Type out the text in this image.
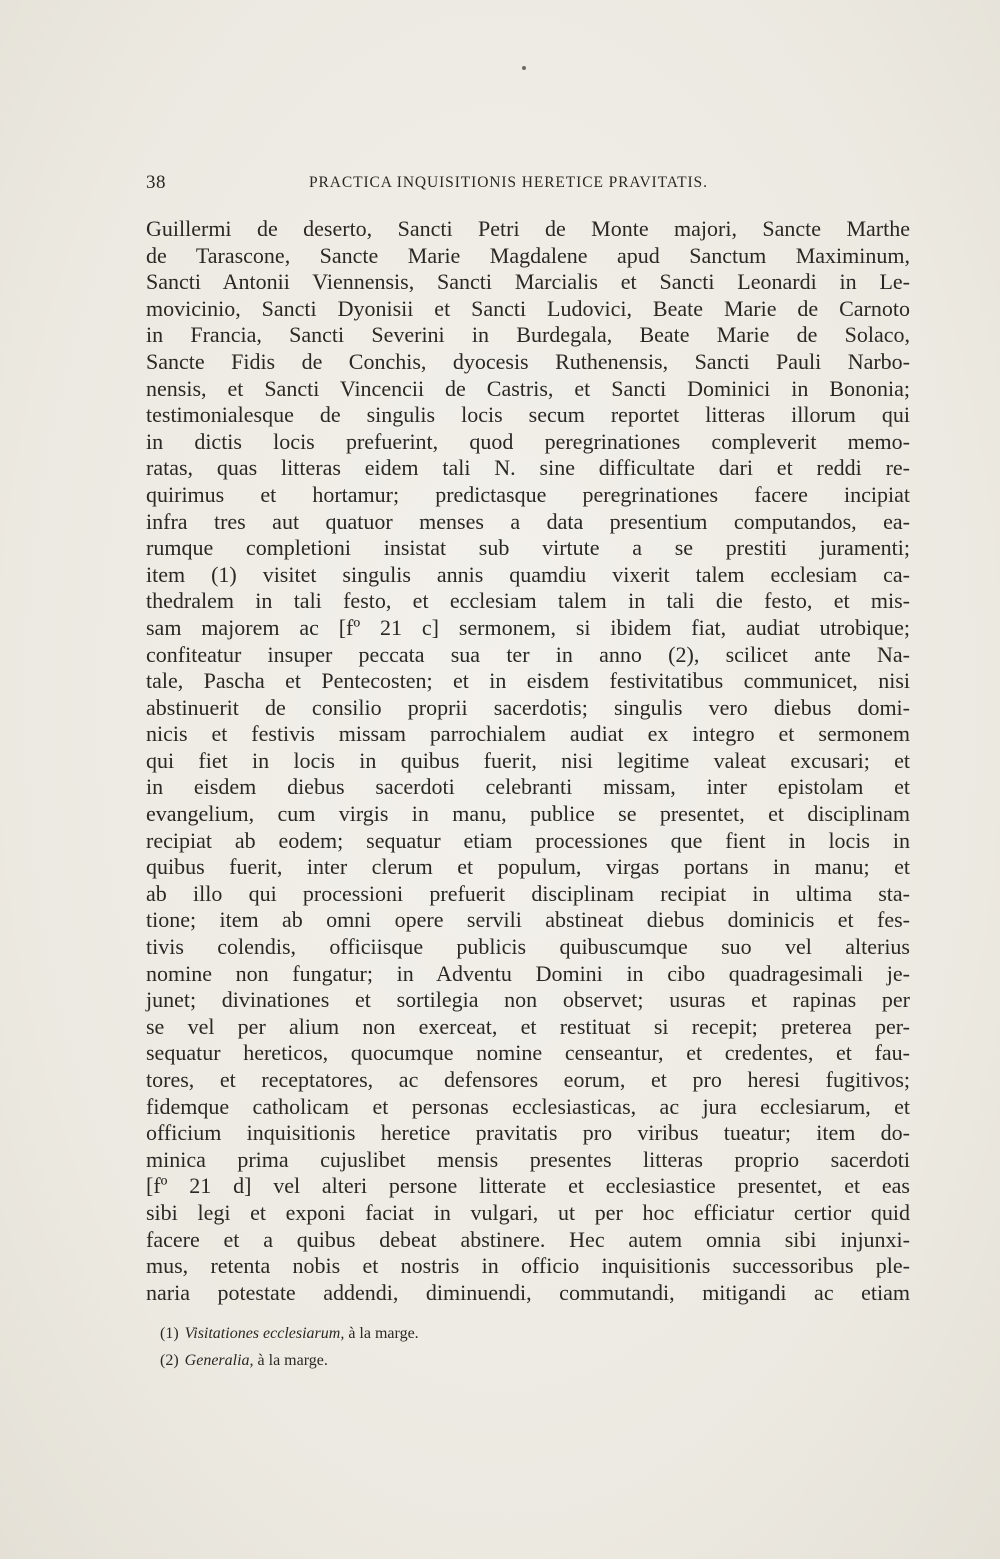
38	PRACTICA INQUISITIONIS HERETICE PRAVITATIS.
Guillermi de deserto, Sancti Petri de Monte majori, Sancte Marthe
de Tarascone, Sancte Marie Magdalene apud Sanctum Maximinum,
Sancti Antonii Viennensis, Sancti Marcialis et Sancti Leonardi in Le-
movicinio, Sancti Dyonisii et Sancti Ludovici, Beate Marie de Carnoto
in Francia, Sancti Severini in Burdegala, Beate Marie de Solaco,
Sancte Fidis de Conchis, dyocesis Ruthenensis, Sancti Pauli Narbo-
nensis, et Sancti Vincencii de Castris, et Sancti Dominici in Bononia;
testimonialesque de singulis locis secum reportet litteras illorum qui
in dictis locis prefuerint, quod peregrinationes compleverit memo-
ratas, quas litteras eidem tali N. sine difficultate dari et reddi re-
quirimus et hortamur; predictasque peregrinationes facere incipiat
infra tres aut quatuor menses a data presentium computandos, ea-
rumque completioni insistat sub virtute a se prestiti juramenti;
item (1) visitet singulis annis quamdiu vixerit talem ecclesiam ca-
thedralem in tali festo, et ecclesiam talem in tali die festo, et mis-
sam majorem ac [fº 21 c] sermonem, si ibidem fiat, audiat utrobique;
confiteatur insuper peccata sua ter in anno (2), scilicet ante Na-
tale, Pascha et Pentecosten; et in eisdem festivitatibus communicet, nisi
abstinuerit de consilio proprii sacerdotis; singulis vero diebus domi-
nicis et festivis missam parrochialem audiat ex integro et sermonem
qui fiet in locis in quibus fuerit, nisi legitime valeat excusari; et
in eisdem diebus sacerdoti celebranti missam, inter epistolam et
evangelium, cum virgis in manu, publice se presentet, et disciplinam
recipiat ab eodem; sequatur etiam processiones que fient in locis in
quibus fuerit, inter clerum et populum, virgas portans in manu; et
ab illo qui processioni prefuerit disciplinam recipiat in ultima sta-
tione; item ab omni opere servili abstineat diebus dominicis et fes-
tivis colendis, officiisque publicis quibuscumque suo vel alterius
nomine non fungatur; in Adventu Domini in cibo quadragesimali je-
junet; divinationes et sortilegia non observet; usuras et rapinas per
se vel per alium non exerceat, et restituat si recepit; preterea per-
sequatur hereticos, quocumque nomine censeantur, et credentes, et fau-
tores, et receptatores, ac defensores eorum, et pro heresi fugitivos;
fidemque catholicam et personas ecclesiasticas, ac jura ecclesiarum, et
officium inquisitionis heretice pravitatis pro viribus tueatur; item do-
minica prima cujuslibet mensis presentes litteras proprio sacerdoti
[fº 21 d] vel alteri persone litterate et ecclesiastice presentet, et eas
sibi legi et exponi faciat in vulgari, ut per hoc efficiatur certior quid
facere et a quibus debeat abstinere. Hec autem omnia sibi injunxi-
mus, retenta nobis et nostris in officio inquisitionis successoribus ple-
naria potestate addendi, diminuendi, commutandi, mitigandi ac etiam
(1) Visitationes ecclesiarum, à la marge.
(2) Generalia, à la marge.
